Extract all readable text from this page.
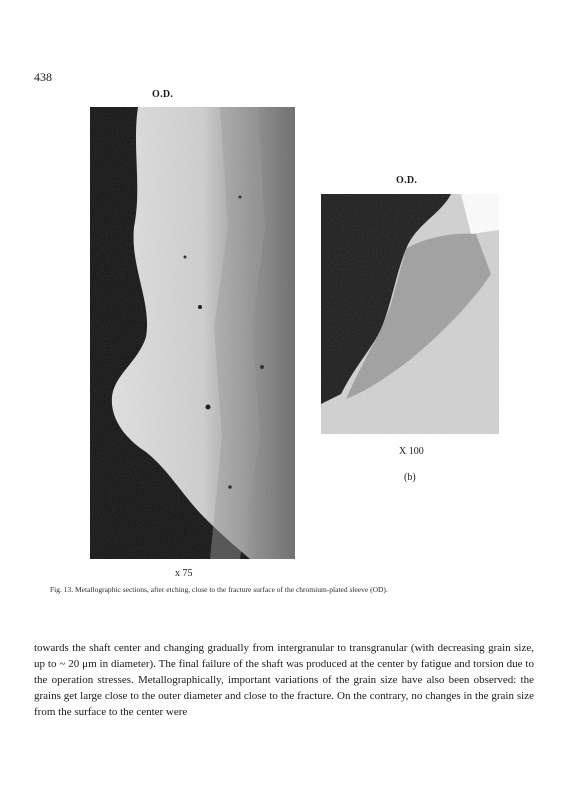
438
O.D.
O.D.
X 100
(b)
x 75
Fig. 13. Metallographic sections, after etching, close to the fracture surface of the chromium-plated sleeve (OD).
towards the shaft center and changing gradually from intergranular to transgranular (with decreasing grain size, up to ~ 20 μm in diameter). The final failure of the shaft was produced at the center by fatigue and torsion due to the operation stresses. Metallographically, important variations of the grain size have also been observed: the grains get large close to the outer diameter and close to the fracture. On the contrary, no changes in the grain size from the surface to the center were
